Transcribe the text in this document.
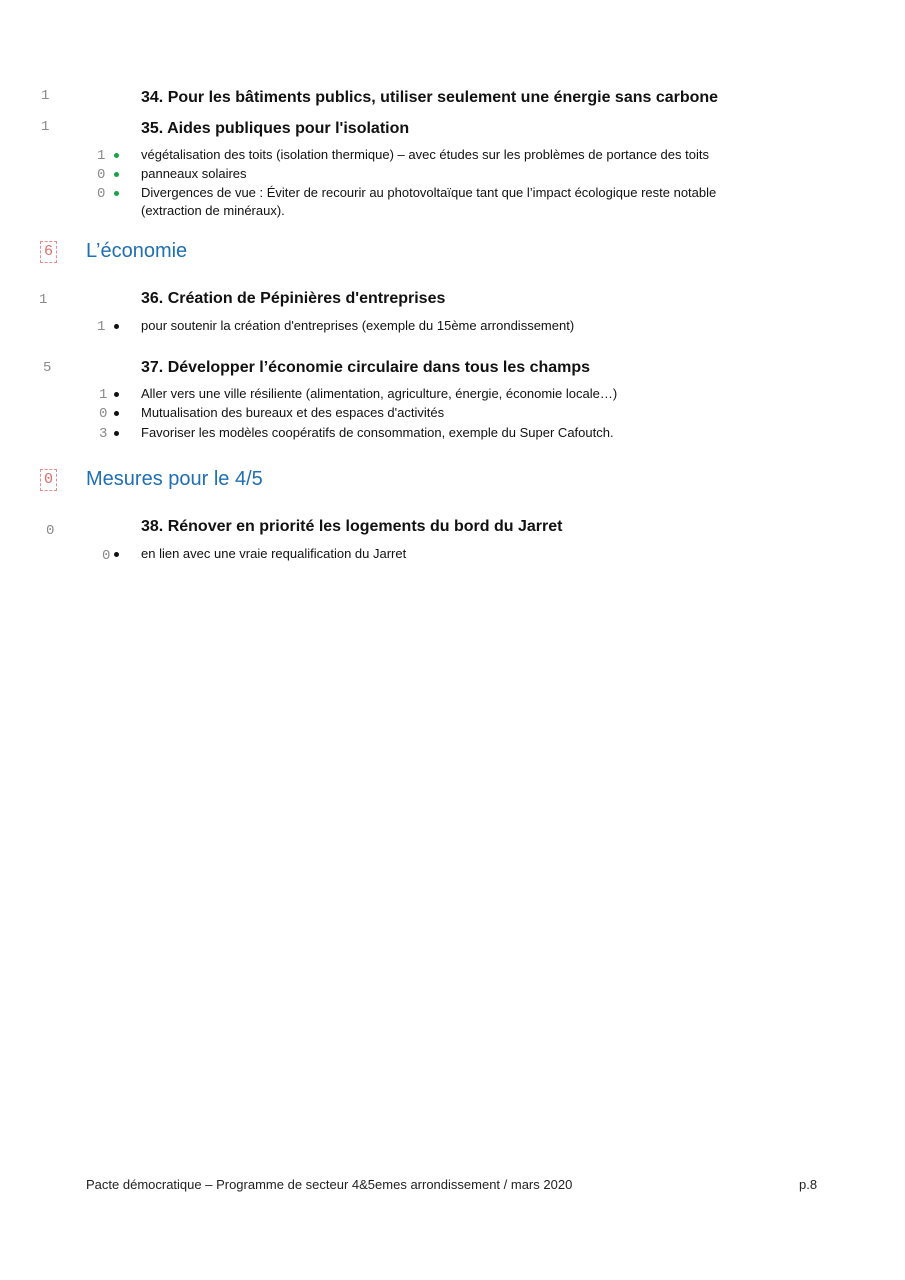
1	34. Pour les bâtiments publics, utiliser seulement une énergie sans carbone
1	35. Aides publiques pour l'isolation
1	végétalisation des toits (isolation thermique) – avec études sur les problèmes de portance des toits
0	panneaux solaires
0	Divergences de vue : Éviter de recourir au photovoltaïque tant que l’impact écologique reste notable (extraction de minéraux).
6 L’économie
1	36. Création de Pépinières d'entreprises
1	pour soutenir la création d'entreprises (exemple du 15ème arrondissement)
5	37. Développer l’économie circulaire dans tous les champs
1	Aller vers une ville résiliente (alimentation, agriculture, énergie, économie locale…)
0	Mutualisation des bureaux et des espaces d'activités
3	Favoriser les modèles coopératifs de consommation, exemple du Super Cafoutch.
0 Mesures pour le 4/5
0	38. Rénover en priorité les logements du bord du Jarret
0 en lien avec une vraie requalification du Jarret
Pacte démocratique – Programme de secteur 4&5emes arrondissement / mars 2020	p.8
